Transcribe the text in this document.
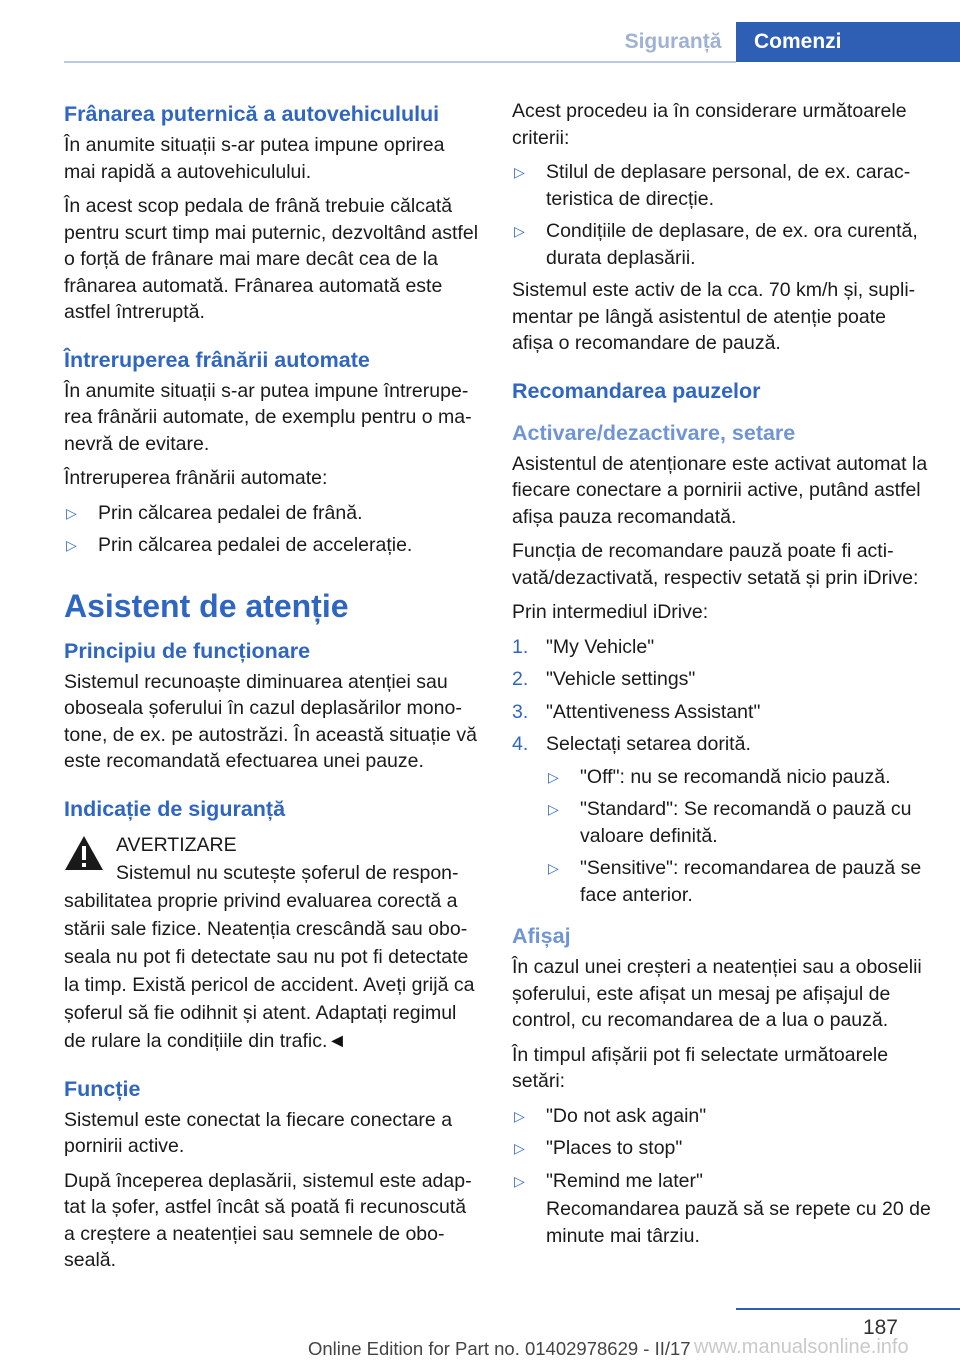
Siguranță	Comenzi
Frânarea puternică a autovehiculului

În anumite situații s-ar putea impune oprirea mai rapidă a autovehiculului.

În acest scop pedala de frână trebuie călcată pentru scurt timp mai puternic, dezvoltând astfel o forță de frânare mai mare decât cea de la frânarea automată. Frânarea automată este astfel întreruptă.

Întreruperea frânării automate

În anumite situații s-ar putea impune întreruperea frânării automate, de exemplu pentru o manevră de evitare.

Întreruperea frânării automate:

▷ Prin călcarea pedalei de frână.
▷ Prin călcarea pedalei de accelerație.
Asistent de atenție
Principiu de funcționare

Sistemul recunoaște diminuarea atenției sau oboseala șoferului în cazul deplasărilor monotone, de ex. pe autostrăzi. În această situație vă este recomandată efectuarea unei pauze.

Indicație de siguranță
AVERTIZARE

Sistemul nu scutește șoferul de responsabilitatea proprie privind evaluarea corectă a stării sale fizice. Neatenția crescândă sau oboseala nu pot fi detectate sau nu pot fi detectate la timp. Există pericol de accident. Aveți grijă ca șoferul să fie odihnit și atent. Adaptați regimul de rulare la condițiile din trafic.◄

Funcție

Sistemul este conectat la fiecare conectare a pornirii active.

După începerea deplasării, sistemul este adaptat la șofer, astfel încât să poată fi recunoscută a creștere a neatenției sau semnele de oboseală.

Acest procedeu ia în considerare următoarele criterii:

▷ Stilul de deplasare personal, de ex. caracteristica de direcție.
▷ Condițiile de deplasare, de ex. ora curentă, durata deplasării.

Sistemul este activ de la cca. 70 km/h și, suplimentar pe lângă asistentul de atenție poate afișa o recomandare de pauză.

Recomandarea pauzelor
Activare/dezactivare, setare

Asistentul de atenționare este activat automat la fiecare conectare a pornirii active, putând astfel afișa pauza recomandată.

Funcția de recomandare pauză poate fi activată/dezactivată, respectiv setată și prin iDrive:

Prin intermediul iDrive:

1. "My Vehicle"
2. "Vehicle settings"
3. "Attentiveness Assistant"
4. Selectați setarea dorită.
▷ "Off": nu se recomandă nicio pauză.
▷ "Standard": Se recomandă o pauză cu valoare definită.
▷ "Sensitive": recomandarea de pauză se face anterior.
Afișaj

În cazul unei creșteri a neatenției sau a oboselii șoferului, este afișat un mesaj pe afișajul de control, cu recomandarea de a lua o pauză.

În timpul afișării pot fi selectate următoarele setări:

▷ "Do not ask again"
▷ "Places to stop"
▷ "Remind me later"

Recomandarea pauză să se repete cu 20 de minute mai târziu.

187
Online Edition for Part no. 01402978629 - II/17 www.manualsonline.info
